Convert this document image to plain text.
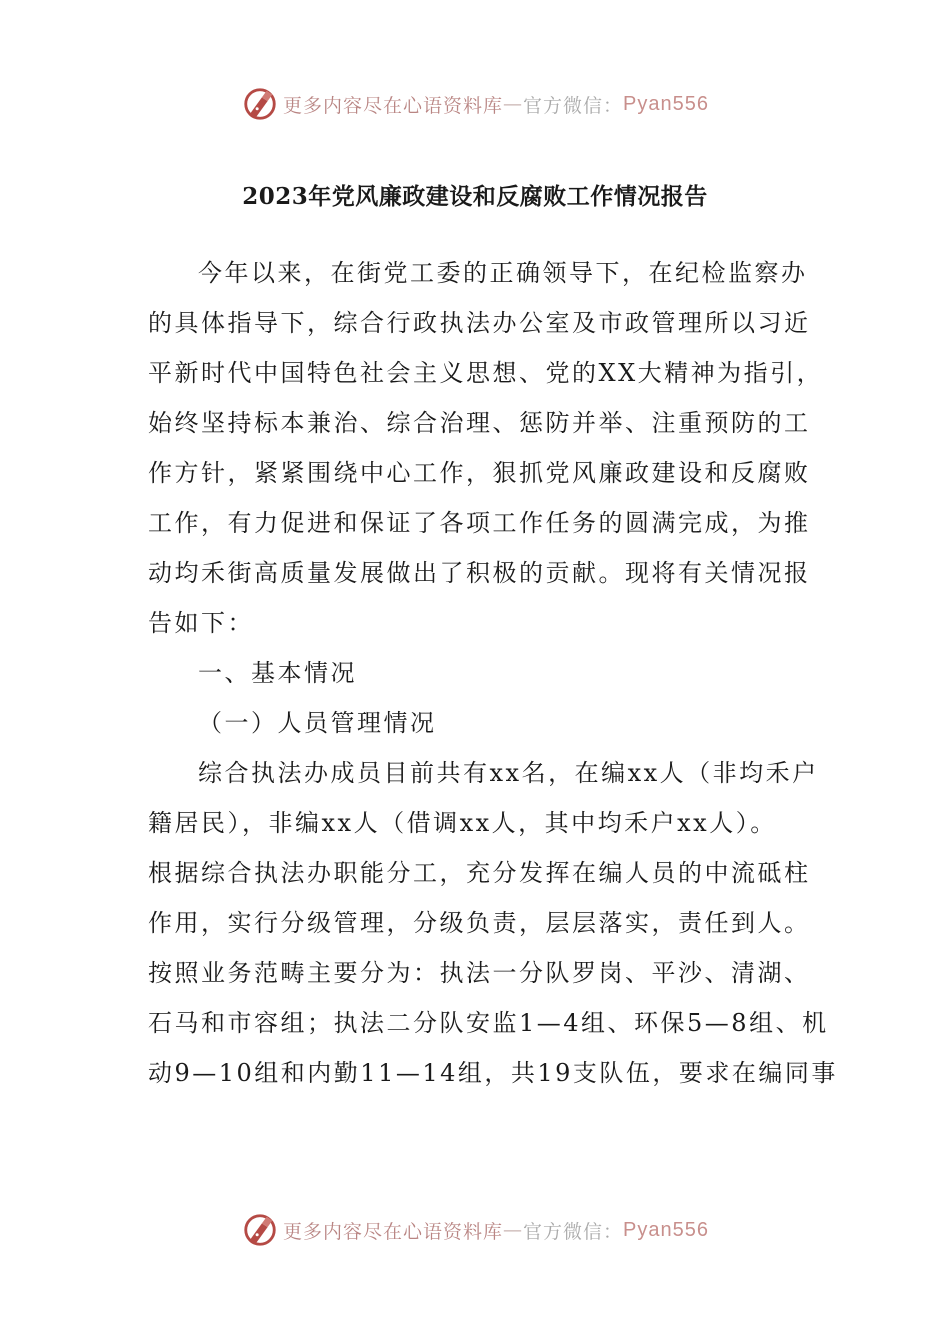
更多内容尽在心语资料库 — 官方微信： Pyan556
2023年党风廉政建设和反腐败工作情况报告
今年以来，在街党工委的正确领导下，在纪检监察办
的具体指导下，综合行政执法办公室及市政管理所以习近
平新时代中国特色社会主义思想、党的XX大精神为指引，
始终坚持标本兼治、综合治理、惩防并举、注重预防的工
作方针，紧紧围绕中心工作，狠抓党风廉政建设和反腐败
工作，有力促进和保证了各项工作任务的圆满完成，为推
动均禾街高质量发展做出了积极的贡献。现将有关情况报
告如下：
一、基本情况
（一）人员管理情况
综合执法办成员目前共有xx名，在编xx人（非均禾户
籍居民），非编xx人（借调xx人，其中均禾户xx人）。
根据综合执法办职能分工，充分发挥在编人员的中流砥柱
作用，实行分级管理，分级负责，层层落实，责任到人。
按照业务范畴主要分为：执法一分队罗岗、平沙、清湖、
石马和市容组；执法二分队安监1—4组、环保5—8组、机
动9—10组和内勤11—14组，共19支队伍，要求在编同事
更多内容尽在心语资料库 — 官方微信： Pyan556
